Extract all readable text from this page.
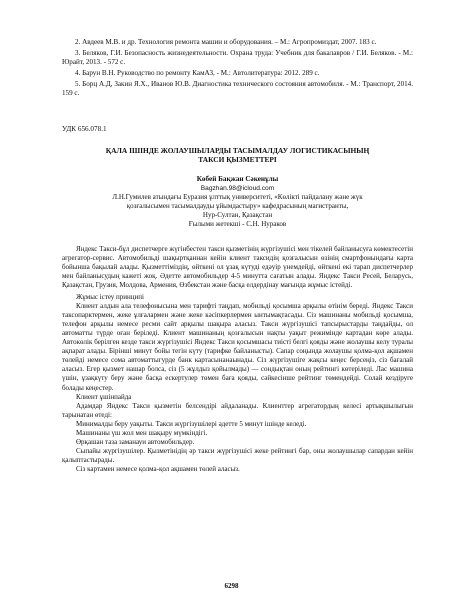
2. Авдеев М.В. и др. Технология ремонта машин и оборудования. – М.: Агропромиздат, 2007. 183 с.

3. Беляков, Г.И. Безопасность жизнедеятельности. Охрана труда: Учебник для бакалавров / Г.И. Беляков. - М.: Юрайт, 2013. - 572 c.

4. Барун В.Н. Руководство по ремонту КамАЗ, - М.: Автолитература: 2012. 289 с.

5. Борц А.Д, Закин Я.Х., Иванов Ю.В. Диагностика технического состояния автомобиля. - М.: Транспорт, 2014. 159 с.

УДК 656.078.1
ҚАЛА ІШІНДЕ ЖОЛАУШЫЛАРДЫ ТАСЫМАЛДАУ ЛОГИСТИКАСЫНЫҢ
ТАКСИ ҚЫЗМЕТТЕРІ
Көбей Бақжан Сәкенұлы
Bagzhan.98@icloud.com
Л.Н.Гумилев атындағы Еуразия ұлттық университеті, «Көлікті пайдалану және жүк
қозғалысымен тасымалдауды ұйымдастыру» кафедрасының магистранты,
Нур-Султан, Қазақстан
Ғылыми жетекші - С.Н. Нураков

Яндекс Такси-бұл диспетчерге жүгінбестен такси қызметінің жүргізушісі мен тікелей байланысуға көмектесетін агрегатор-сервис. Автомобильді шақыртқаннан кейін клиент таксидің қозғалысын өзінің смартфонындағы карта бойынша бақылай алады. Қызметтіміздің, өйткені ол ұзақ күтуді едәуір үнемдейді, өйткені екі тарап диспетчерлер мен байланысудың кажеті жоқ. Әдетте автомобильдер 4-5 минутта сағатын алады. Яндекс Такси Ресей, Беларусь, Қазақстан, Грузия, Молдова, Армения, Өзбекстан және басқа елдердінау мағында жұмыс істейді.

Жұмыс істеу принципі

Клиент алдын ала телефонысына мен тарифті таңдап, мобильді қосымша арқылы өтінім береді. Яндекс Такси таксопарктермен, жеке ұлғалармен және жеке кәсіпкерлермен ынтымақтасады. Сіз машинаны мобильді қосымша, телефон арқылы немесе ресми сайт арқылы шақыра аласыз. Такси жүргізушісі тапсырыстарды таңдайды, ол автоматты түрде оған беріледі. Клиент машинаның қозғалысын нақты уақыт режимінде картадан көре алады. Автокөлік берілген кезде такси жүргізушісі Яндекс Такси қосымшасы тиісті белгі қояды және жолаушы келу туралы ақпарат алады. Бірінші минут бойы тегін күту (тарифке байланысты). Сапар соңында жолаушы қолма-қол ақшамен төлейді немесе сома автоматтыгурде банк картасынанаынады. Сіз жүргізушіге жақсы кеңес берсеңіз, сіз бағалай аласыз. Егер қызмет нашар болса, сіз (5 жұлдыз қойылмады) — сондықтан оның рейтингі көтеріледі. Лас машина үшін, ұзақкүту беру және басқа ескертулер төмен баға қояды, сәйкесінше рейтинг төмендейді. Солай кездіруге болады кеңестер.

Клиент ұшінпайда

Адамдар Яндекс Такси қызметін белсендірі айдаланады. Клиенттер агрегатордың келесі артықшылығын тарынатан өтеді:

Минималды беру уақыты. Такси жүргізушілері әдетте 5 минут ішінде келеді.

Машинаны үш жол мен шақыру мүмкіндігі.

Өрқашан таза заманауи автомобильдер.

Сыпайы жүргізушілер. Қызметінідің әр такси жүргізушісі жеке рейтингі бар, оны жолаушылар сапардан кейін қалыптастырады.

Сіз картамен немесе қолма-қол ақшамен төлей аласыз.

6298
